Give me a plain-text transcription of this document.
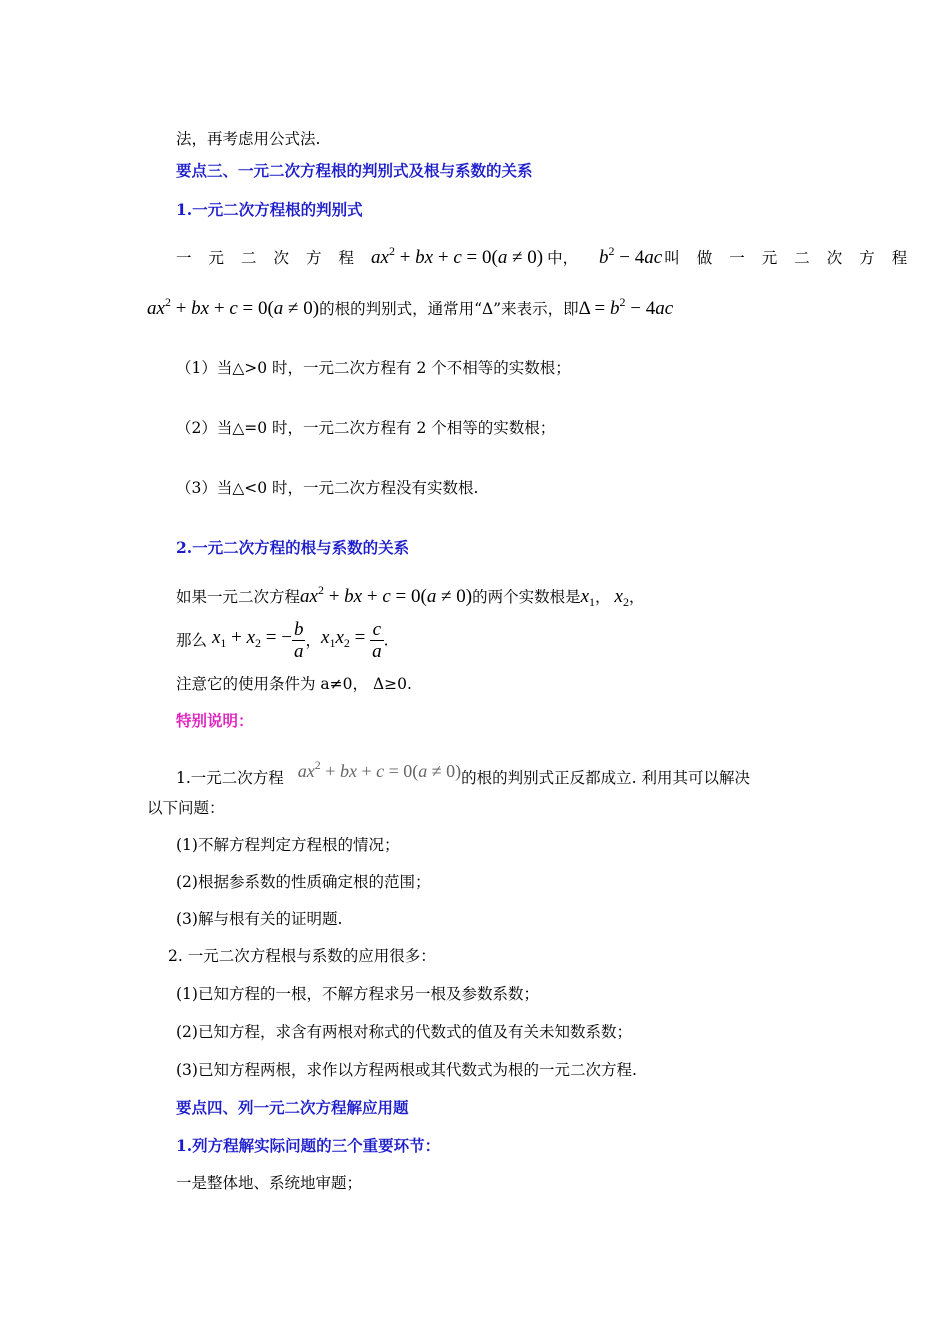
法，再考虑用公式法.
要点三、一元二次方程根的判别式及根与系数的关系
1.一元二次方程根的判别式
一元二次方程$ax^2$ + bx + c = 0(a ≠ 0) 中， $b^2 - 4ac$ 叫做一元二次方程
$ax^2$ + bx + c = 0(a ≠ 0)的根的判别式，通常用“Δ”来表示，即$\Delta = b^2 - 4ac$
（1）当△>0 时，一元二次方程有 2 个不相等的实数根；
（2）当△=0 时，一元二次方程有 2 个相等的实数根；
（3）当△<0 时，一元二次方程没有实数根.
2.一元二次方程的根与系数的关系
如果一元二次方程$ax^2$ + bx + c = 0(a ≠ 0)的两个实数根是$x_1$， $x_2$，
那么 $x_1 + x_2$ = − $\frac{b}{a}$ ，$x_1x_2 = \frac{c}{a}$ .
注意它的使用条件为 a≠0， Δ≥0.
特别说明：
1.一元二次方程 $ax^2$ + bx + c = 0(a ≠ 0)的根的判别式正反都成立. 利用其可以解决
以下问题：
(1)不解方程判定方程根的情况；
(2)根据参系数的性质确定根的范围；
(3)解与根有关的证明题.
2. 一元二次方程根与系数的应用很多：
(1)已知方程的一根，不解方程求另一根及参数系数；
(2)已知方程，求含有两根对称式的代数式的值及有关未知数系数；
(3)已知方程两根，求作以方程两根或其代数式为根的一元二次方程.
要点四、列一元二次方程解应用题
1.列方程解实际问题的三个重要环节：
一是整体地、系统地审题；
